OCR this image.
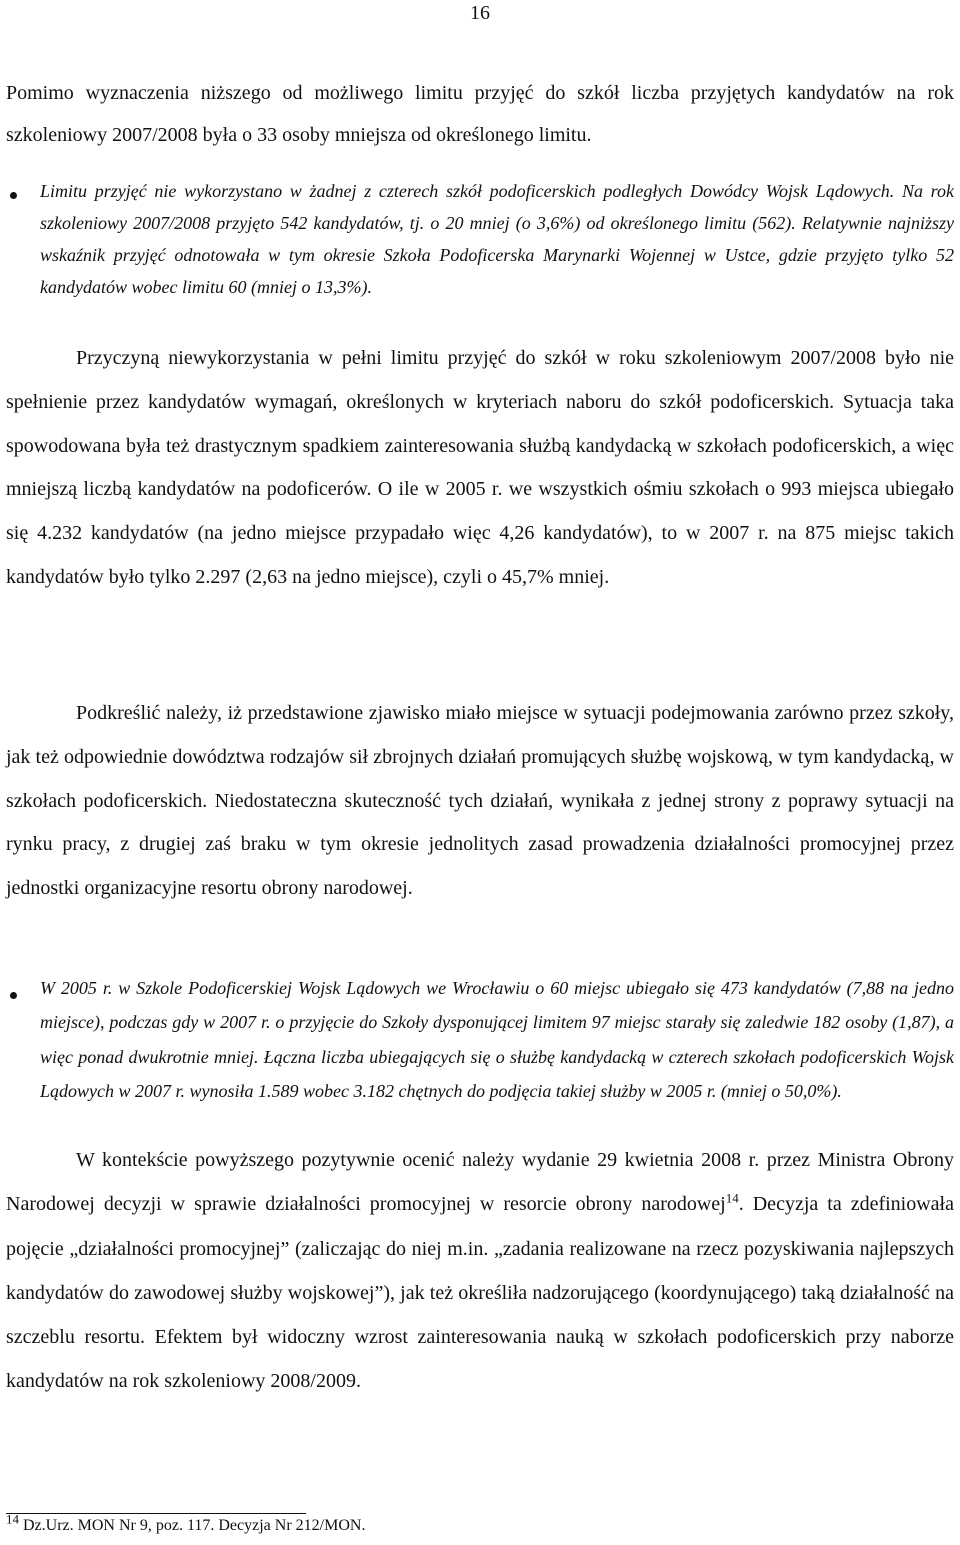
16

Pomimo wyznaczenia niższego od możliwego limitu przyjęć do szkół liczba przyjętych kandydatów na rok szkoleniowy 2007/2008 była o 33 osoby mniejsza od określonego limitu.

Limitu przyjęć nie wykorzystano w żadnej z czterech szkół podoficerskich podległych Dowódcy Wojsk Lądowych. Na rok szkoleniowy 2007/2008 przyjęto 542 kandydatów, tj. o 20 mniej (o 3,6%) od określonego limitu (562). Relatywnie najniższy wskaźnik przyjęć odnotowała w tym okresie Szkoła Podoficerska Marynarki Wojennej w Ustce, gdzie przyjęto tylko 52 kandydatów wobec limitu 60 (mniej o 13,3%).

Przyczyną niewykorzystania w pełni limitu przyjęć do szkół w roku szkoleniowym 2007/2008 było nie spełnienie przez kandydatów wymagań, określonych w kryteriach naboru do szkół podoficerskich. Sytuacja taka spowodowana była też drastycznym spadkiem zainteresowania służbą kandydacką w szkołach podoficerskich, a więc mniejszą liczbą kandydatów na podoficerów. O ile w 2005 r. we wszystkich ośmiu szkołach o 993 miejsca ubiegało się 4.232 kandydatów (na jedno miejsce przypadało więc 4,26 kandydatów), to w 2007 r. na 875 miejsc takich kandydatów było tylko 2.297 (2,63 na jedno miejsce), czyli o 45,7% mniej.

Podkreślić należy, iż przedstawione zjawisko miało miejsce w sytuacji podejmowania zarówno przez szkoły, jak też odpowiednie dowództwa rodzajów sił zbrojnych działań promujących służbę wojskową, w tym kandydacką, w szkołach podoficerskich. Niedostateczna skuteczność tych działań, wynikała z jednej strony z poprawy sytuacji na rynku pracy, z drugiej zaś braku w tym okresie jednolitych zasad prowadzenia działalności promocyjnej przez jednostki organizacyjne resortu obrony narodowej.

W 2005 r. w Szkole Podoficerskiej Wojsk Lądowych we Wrocławiu o 60 miejsc ubiegało się 473 kandydatów (7,88 na jedno miejsce), podczas gdy w 2007 r. o przyjęcie do Szkoły dysponującej limitem 97 miejsc starały się zaledwie 182 osoby (1,87), a więc ponad dwukrotnie mniej. Łączna liczba ubiegających się o służbę kandydacką w czterech szkołach podoficerskich Wojsk Lądowych w 2007 r. wynosiła 1.589 wobec 3.182 chętnych do podjęcia takiej służby w 2005 r. (mniej o 50,0%).

W kontekście powyższego pozytywnie ocenić należy wydanie 29 kwietnia 2008 r. przez Ministra Obrony Narodowej decyzji w sprawie działalności promocyjnej w resorcie obrony narodowej$^{14}$. Decyzja ta zdefiniowała pojęcie „działalności promocyjnej” (zaliczając do niej m.in. „zadania realizowane na rzecz pozyskiwania najlepszych kandydatów do zawodowej służby wojskowej”), jak też określiła nadzorującego (koordynującego) taką działalność na szczeblu resortu. Efektem był widoczny wzrost zainteresowania nauką w szkołach podoficerskich przy naborze kandydatów na rok szkoleniowy 2008/2009.

$^{14}$ Dz.Urz. MON Nr 9, poz. 117. Decyzja Nr 212/MON.
